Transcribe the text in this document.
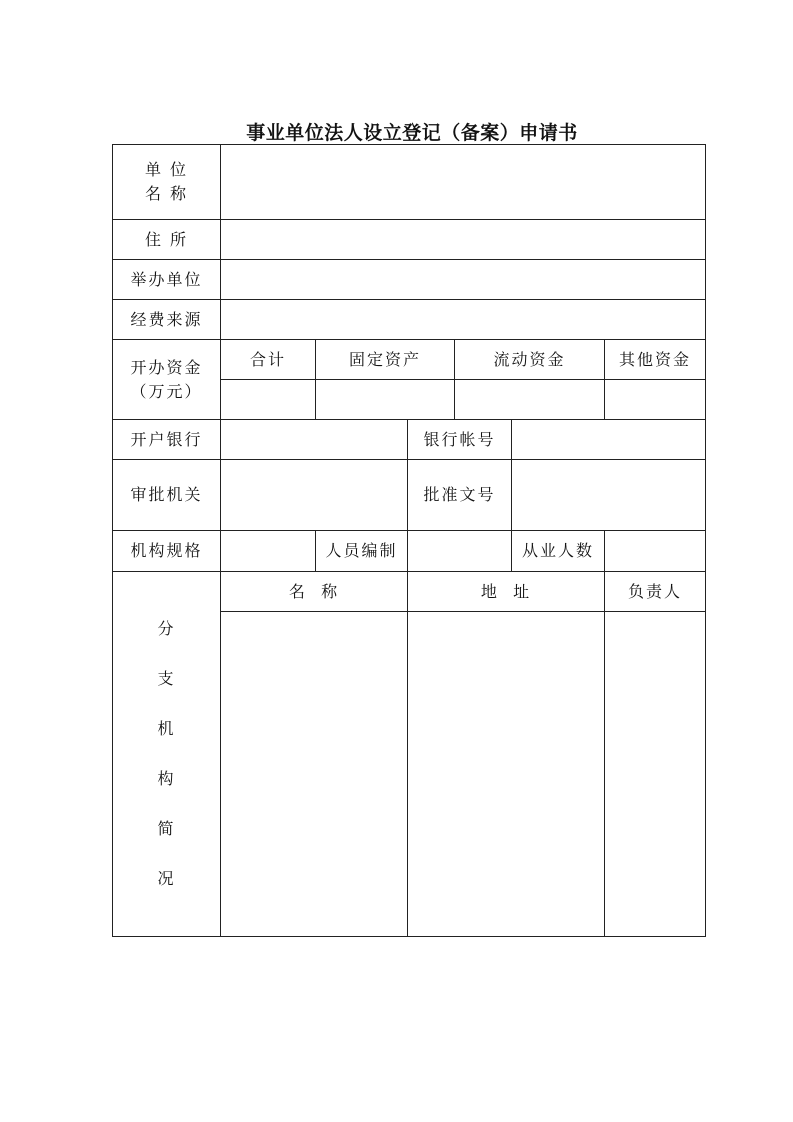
事业单位法人设立登记（备案）申请书
单 位
名 称
住 所
举办单位
经费来源
开办资金
（万元）
合计	固定资产	流动资金	其他资金
开户银行	银行帐号
审批机关	批准文号
机构规格	人员编制	从业人数
分
支
机
构
简
况
名  称	地  址	负责人
